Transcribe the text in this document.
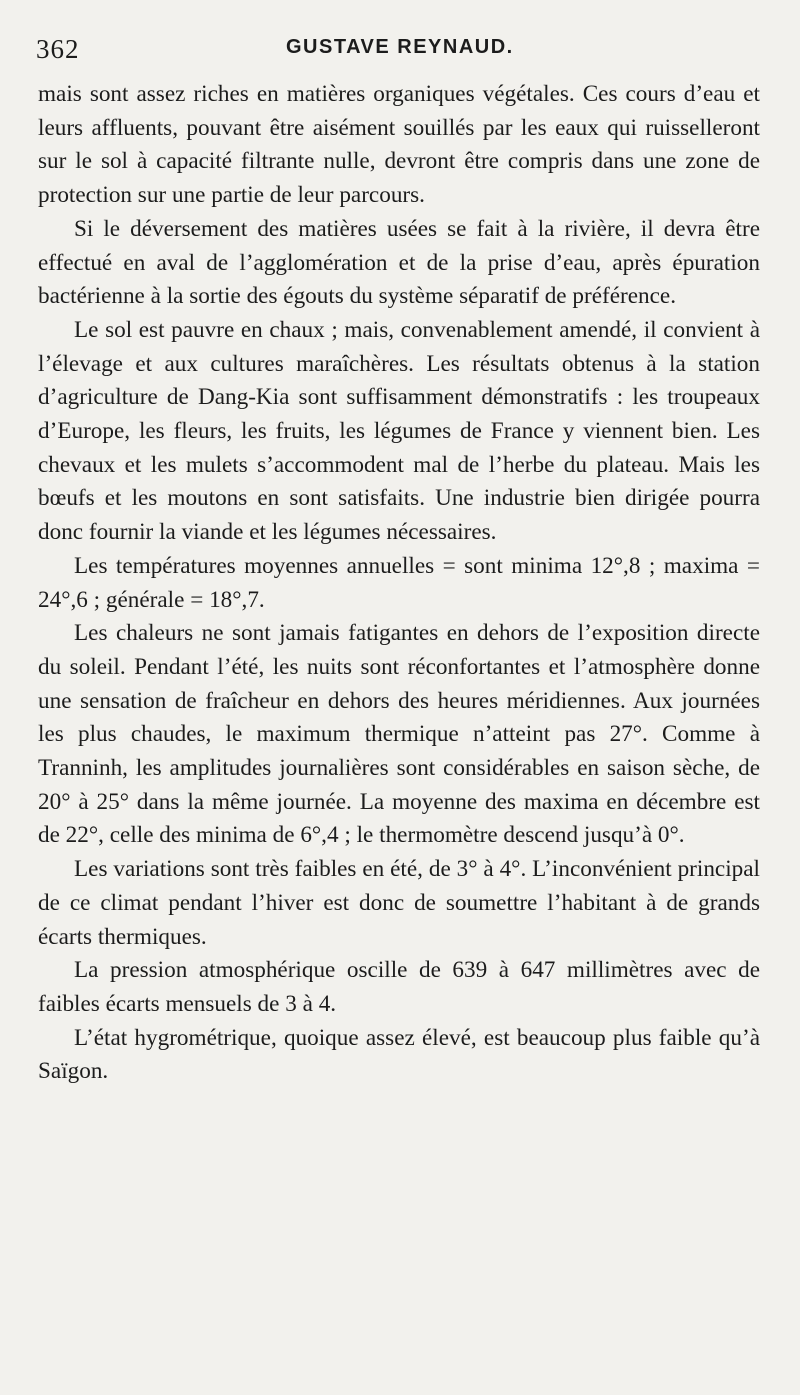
362	GUSTAVE REYNAUD.

mais sont assez riches en matières organiques végétales. Ces cours d’eau et leurs affluents, pouvant être aisément souillés par les eaux qui ruisselleront sur le sol à capacité filtrante nulle, devront être compris dans une zone de protection sur une partie de leur parcours.

Si le déversement des matières usées se fait à la rivière, il devra être effectué en aval de l’agglomération et de la prise d’eau, après épuration bactérienne à la sortie des égouts du système séparatif de préférence.

Le sol est pauvre en chaux ; mais, convenablement amendé, il convient à l’élevage et aux cultures maraîchères. Les résultats obtenus à la station d’agriculture de Dang-Kia sont suffisamment démonstratifs : les troupeaux d’Europe, les fleurs, les fruits, les légumes de France y viennent bien. Les chevaux et les mulets s’accommodent mal de l’herbe du plateau. Mais les bœufs et les moutons en sont satisfaits. Une industrie bien dirigée pourra donc fournir la viande et les légumes nécessaires.

Les températures moyennes annuelles = sont minima 12°,8 ; maxima = 24°,6 ; générale = 18°,7.

Les chaleurs ne sont jamais fatigantes en dehors de l’exposition directe du soleil. Pendant l’été, les nuits sont réconfortantes et l’atmosphère donne une sensation de fraîcheur en dehors des heures méridiennes. Aux journées les plus chaudes, le maximum thermique n’atteint pas 27°. Comme à Tranninh, les amplitudes journalières sont considérables en saison sèche, de 20° à 25° dans la même journée. La moyenne des maxima en décembre est de 22°, celle des minima de 6°,4 ; le thermomètre descend jusqu’à 0°.

Les variations sont très faibles en été, de 3° à 4°. L’inconvénient principal de ce climat pendant l’hiver est donc de soumettre l’habitant à de grands écarts thermiques.

La pression atmosphérique oscille de 639 à 647 millimètres avec de faibles écarts mensuels de 3 à 4.

L’état hygrométrique, quoique assez élevé, est beaucoup plus faible qu’à Saïgon.
